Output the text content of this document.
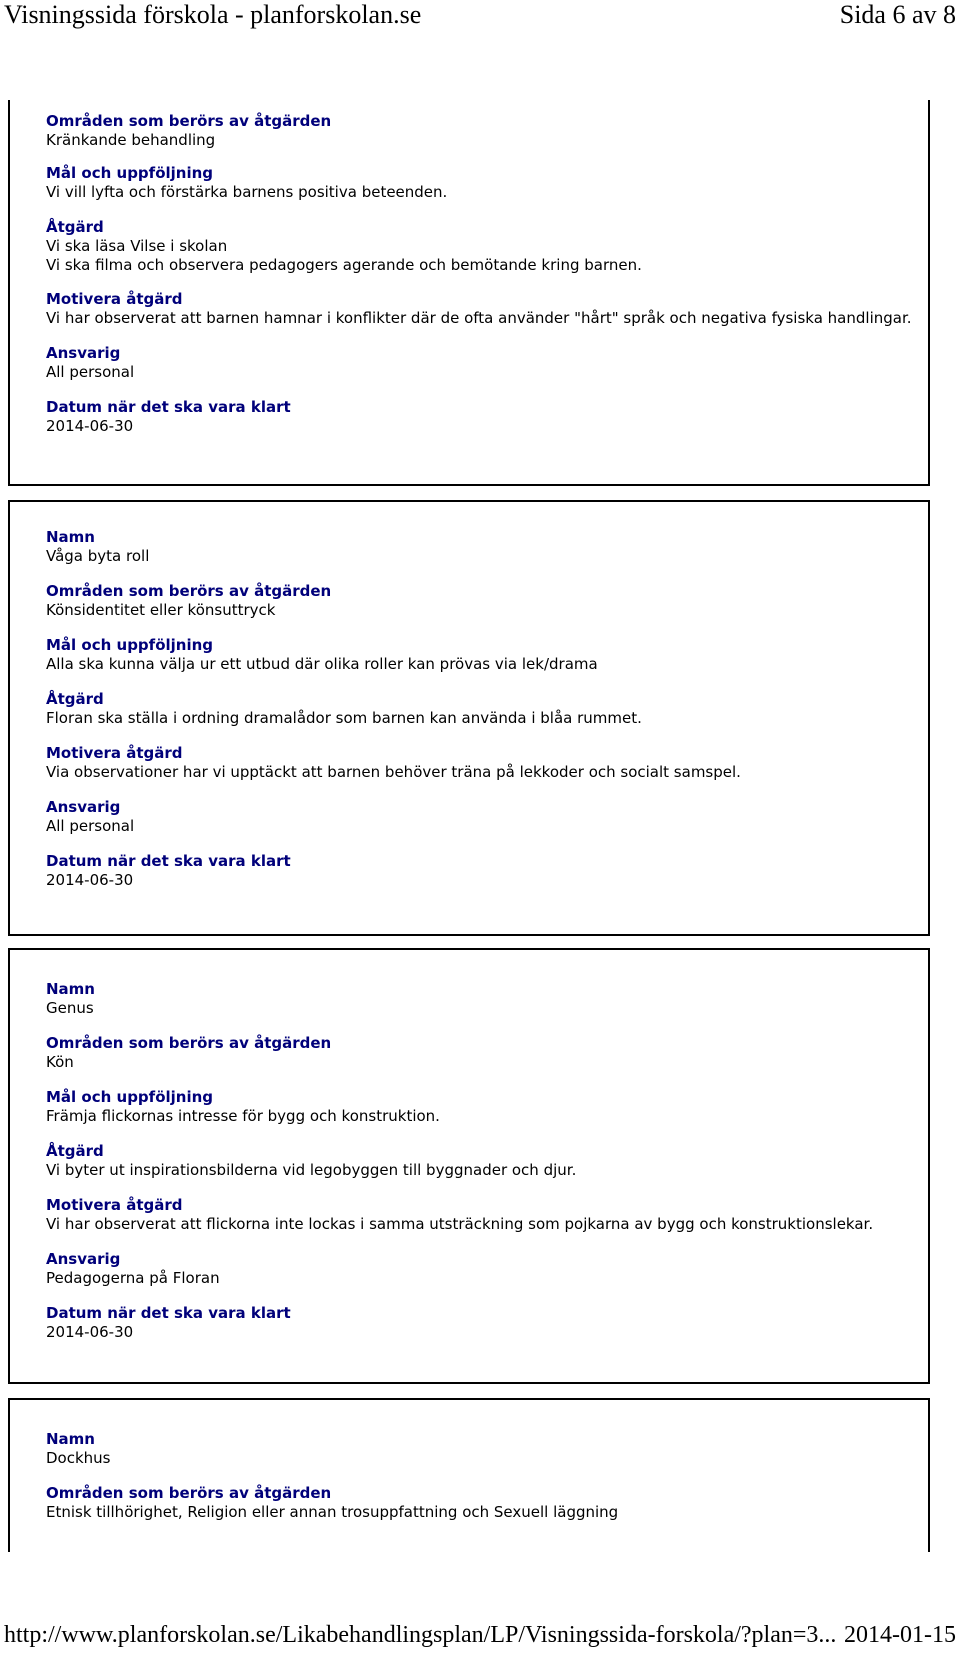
Visningssida förskola - planforskolan.se	Sida 6 av 8
Områden som berörs av åtgärden
Kränkande behandling
Mål och uppföljning
Vi vill lyfta och förstärka barnens positiva beteenden.
Åtgärd
Vi ska läsa Vilse i skolan
Vi ska filma och observera pedagogers agerande och bemötande kring barnen.
Motivera åtgärd
Vi har observerat att barnen hamnar i konflikter där de ofta använder "hårt" språk och negativa fysiska handlingar.
Ansvarig
All personal
Datum när det ska vara klart
2014-06-30
Namn
Våga byta roll
Områden som berörs av åtgärden
Könsidentitet eller könsuttryck
Mål och uppföljning
Alla ska kunna välja ur ett utbud där olika roller kan prövas via lek/drama
Åtgärd
Floran ska ställa i ordning dramalådor som barnen kan använda i blåa rummet.
Motivera åtgärd
Via observationer har vi upptäckt att barnen behöver träna på lekkoder och socialt samspel.
Ansvarig
All personal
Datum när det ska vara klart
2014-06-30
Namn
Genus
Områden som berörs av åtgärden
Kön
Mål och uppföljning
Främja flickornas intresse för bygg och konstruktion.
Åtgärd
Vi byter ut inspirationsbilderna vid legobyggen till byggnader och djur.
Motivera åtgärd
Vi har observerat att flickorna inte lockas i samma utsträckning som pojkarna av bygg och konstruktionslekar.
Ansvarig
Pedagogerna på Floran
Datum när det ska vara klart
2014-06-30
Namn
Dockhus
Områden som berörs av åtgärden
Etnisk tillhörighet, Religion eller annan trosuppfattning och Sexuell läggning
http://www.planforskolan.se/Likabehandlingsplan/LP/Visningssida-forskola/?plan=3... 2014-01-15
